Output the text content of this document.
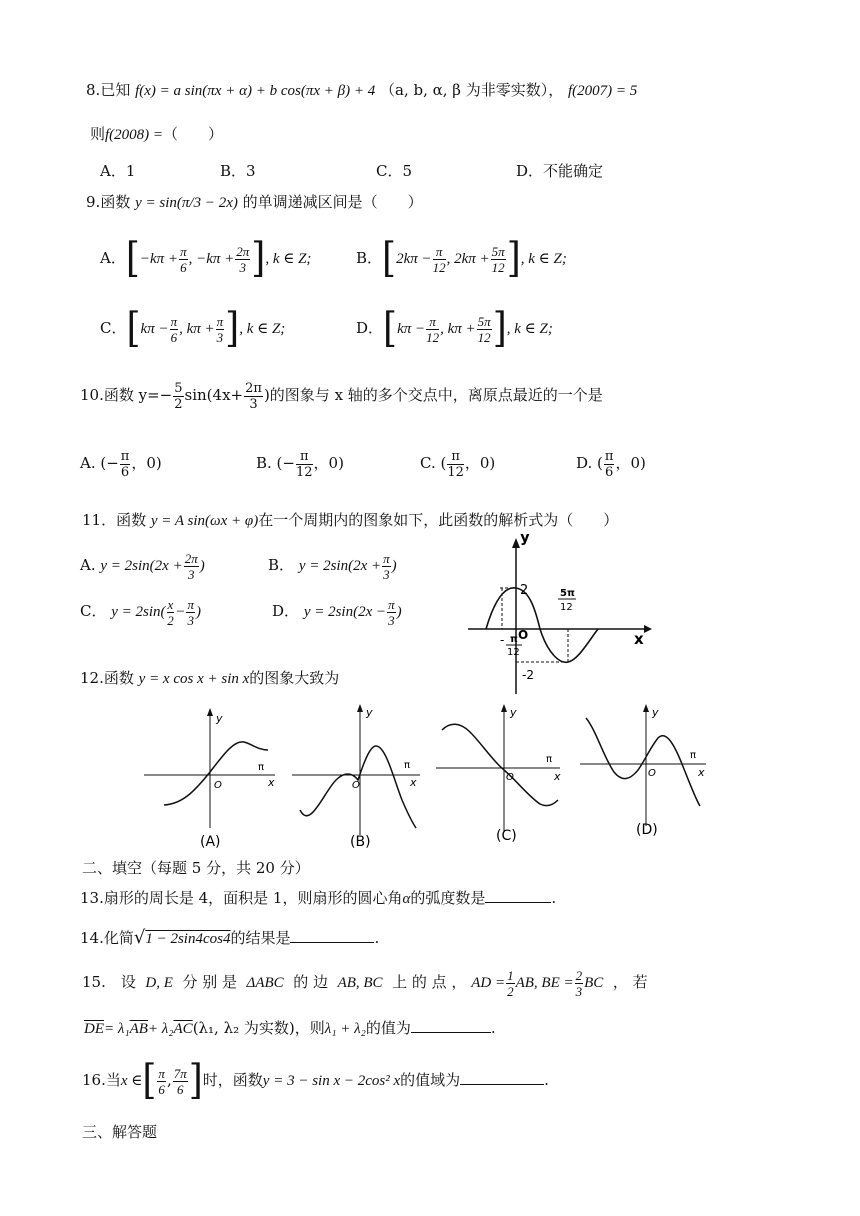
8.已知 f(x) = a sin(πx + α) + b cos(πx + β) + 4 （a, b, α, β 为非零实数）， f(2007) = 5
则f(2008) =（　　）
A．1	B．3	C．5	D．不能确定
9.函数 y = sin(π/3 − 2x) 的单调递减区间是（　　）
A．[$-k\pi + \frac{\pi}{6}$ , $-k\pi + \frac{2\pi}{3}$ ], k ∈ Z;	B．[$2k\pi - \frac{\pi}{12}$ , $2k\pi + \frac{5\pi}{12}$ ], k ∈ Z;
C．[$k\pi - \frac{\pi}{6}$ , $k\pi + \frac{\pi}{3}$ ], k ∈ Z;	D．[$k\pi - \frac{\pi}{12}$ , $k\pi + \frac{5\pi}{12}$ ], k ∈ Z;
10.函数 $y=- \frac{5}{2} \sin(4x+ \frac{2\pi}{3}$ )的图象与 x 轴的多个交点中，离原点最近的一个是
A. (− $\frac{\pi}{6}$ ，0)	B. (− $\frac{\pi}{12}$ ，0)	C. ( $\frac{\pi}{12}$ ，0)	D. ( $\frac{\pi}{6}$ ，0)
11．函数 y = A sin(ωx + φ)在一个周期内的图象如下，此函数的解析式为（　　）
A. $y = 2\sin(2x + \frac{2\pi}{3}$ )	B． $y = 2\sin(2x + \frac{\pi}{3}$ )
C． $y = 2\sin( \frac{x}{2} - \frac{\pi}{3}$ )	D． $y = 2\sin(2x - \frac{\pi}{3}$ )
y
x
O
2
-2
- π
12
5π
12
12.函数 y = x cos x + sin x的图象大致为
y
x
O
π
(A)
y
x
O
π
(B)
y
x
O
π
(C)
y
x
O
π
(D)
二、填空（每题 5 分，共 20 分）
13.扇形的周长是 4，面积是 1，则扇形的圆心角α的弧度数是	.
14.化简√1 − 2sin4cos4的结果是	.
15.　设 D, E 分 别 是 ΔABC 的 边 AB, BC 上 的 点 ， AD = $\frac{1}{2}$ AB, BE = $\frac{2}{3}$ BC ， 若
$\overline{DE}= \lambda_1\overline{AB}+ \lambda_2\overline{AC}(\lambda_1$, λ₂ 为实数)，则λ₁ + λ₂的值为	.
16.当x ∈[ $\frac{\pi}{6}$ , $\frac{7\pi}{6}$ ]时，函数y = 3 − sin x − 2cos² x的值域为	.
三、解答题
